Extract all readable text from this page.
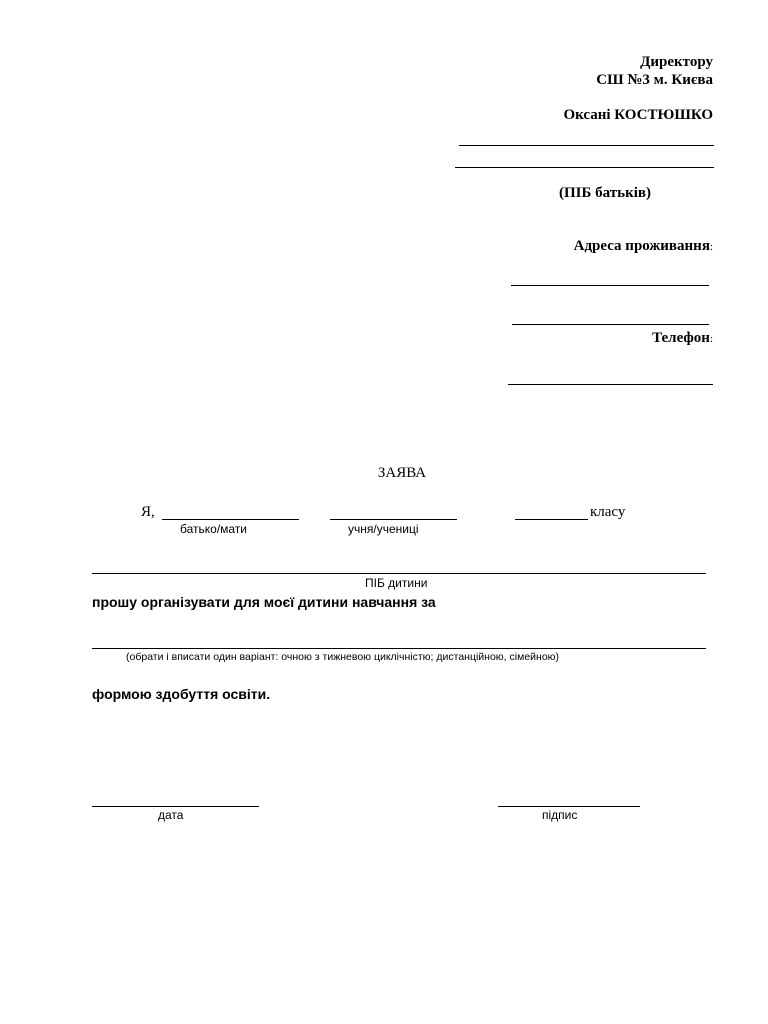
Директору
СШ №3 м. Києва
Оксані КОСТЮШКО
(ПІБ батьків)
Адреса проживання:
Телефон:
ЗАЯВА
Я,	класу
батько/мати	учня/учениці
ПІБ дитини
прошу організувати для моєї дитини навчання за
(обрати і вписати один варіант: очною з тижневою циклічністю; дистанційною, сімейною)
формою здобуття освіти.
дата	підпис
